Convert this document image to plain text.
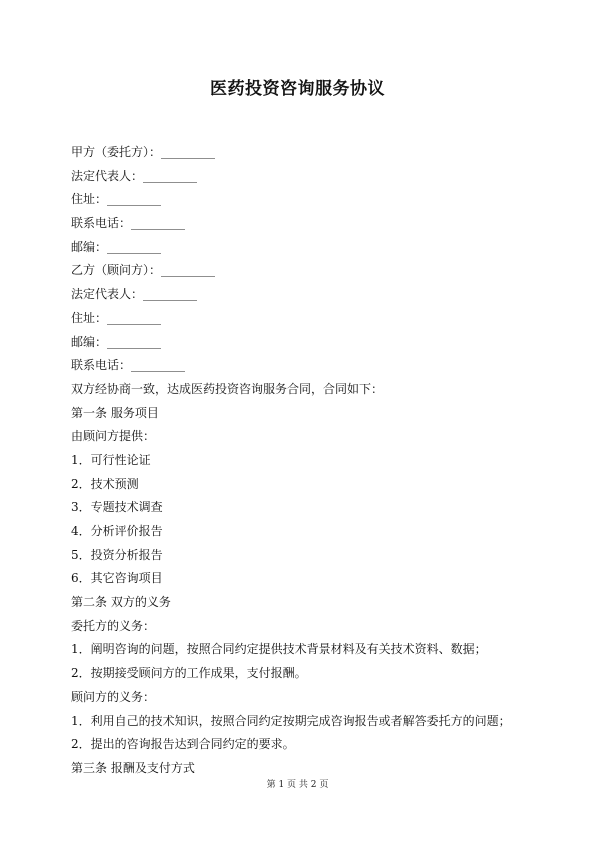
医药投资咨询服务协议
甲方（委托方）：_________
法定代表人：_________
住址：_________
联系电话：_________
邮编：_________
乙方（顾问方）：_________
法定代表人：_________
住址：_________
邮编：_________
联系电话：_________
双方经协商一致，达成医药投资咨询服务合同，合同如下：
第一条 服务项目
由顾问方提供：
1．可行性论证
2．技术预测
3．专题技术调查
4．分析评价报告
5．投资分析报告
6．其它咨询项目
第二条 双方的义务
委托方的义务：
1．阐明咨询的问题，按照合同约定提供技术背景材料及有关技术资料、数据；
2．按期接受顾问方的工作成果，支付报酬。
顾问方的义务：
1．利用自己的技术知识，按照合同约定按期完成咨询报告或者解答委托方的问题；
2．提出的咨询报告达到合同约定的要求。
第三条 报酬及支付方式
第 1 页 共 2 页
